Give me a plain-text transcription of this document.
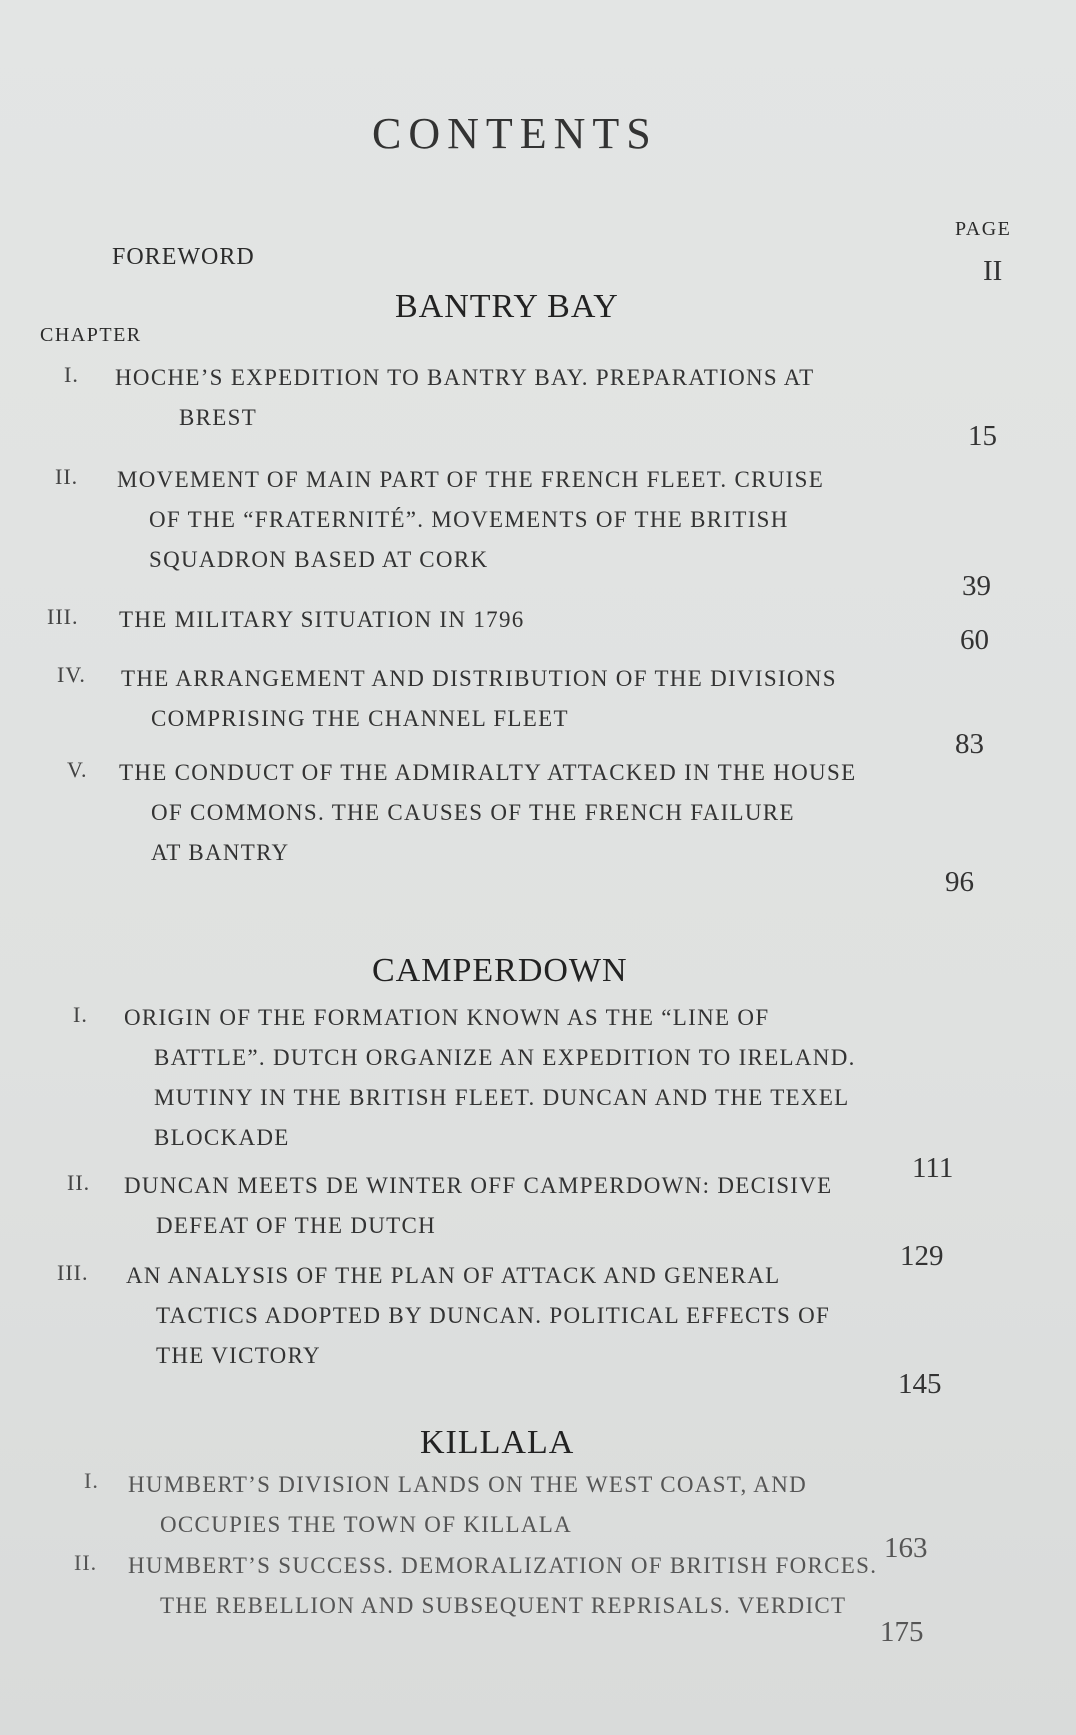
CONTENTS
PAGE
FOREWORD	II
BANTRY BAY
CHAPTER
I. HOCHE’S EXPEDITION TO BANTRY BAY. PREPARATIONS AT
BREST
15
II. MOVEMENT OF MAIN PART OF THE FRENCH FLEET. CRUISE
OF THE “FRATERNITÉ”. MOVEMENTS OF THE BRITISH
SQUADRON BASED AT CORK
39
III. THE MILITARY SITUATION IN 1796
60
IV. THE ARRANGEMENT AND DISTRIBUTION OF THE DIVISIONS
COMPRISING THE CHANNEL FLEET
83
V. THE CONDUCT OF THE ADMIRALTY ATTACKED IN THE HOUSE
OF COMMONS. THE CAUSES OF THE FRENCH FAILURE
AT BANTRY
96
CAMPERDOWN
I. ORIGIN OF THE FORMATION KNOWN AS THE “LINE OF
BATTLE”. DUTCH ORGANIZE AN EXPEDITION TO IRELAND.
MUTINY IN THE BRITISH FLEET. DUNCAN AND THE TEXEL
BLOCKADE
111
II. DUNCAN MEETS DE WINTER OFF CAMPERDOWN: DECISIVE
DEFEAT OF THE DUTCH
129
III. AN ANALYSIS OF THE PLAN OF ATTACK AND GENERAL
TACTICS ADOPTED BY DUNCAN. POLITICAL EFFECTS OF
THE VICTORY
145
KILLALA
I. HUMBERT’S DIVISION LANDS ON THE WEST COAST, AND
OCCUPIES THE TOWN OF KILLALA
163
II. HUMBERT’S SUCCESS. DEMORALIZATION OF BRITISH FORCES.
THE REBELLION AND SUBSEQUENT REPRISALS. VERDICT
175
